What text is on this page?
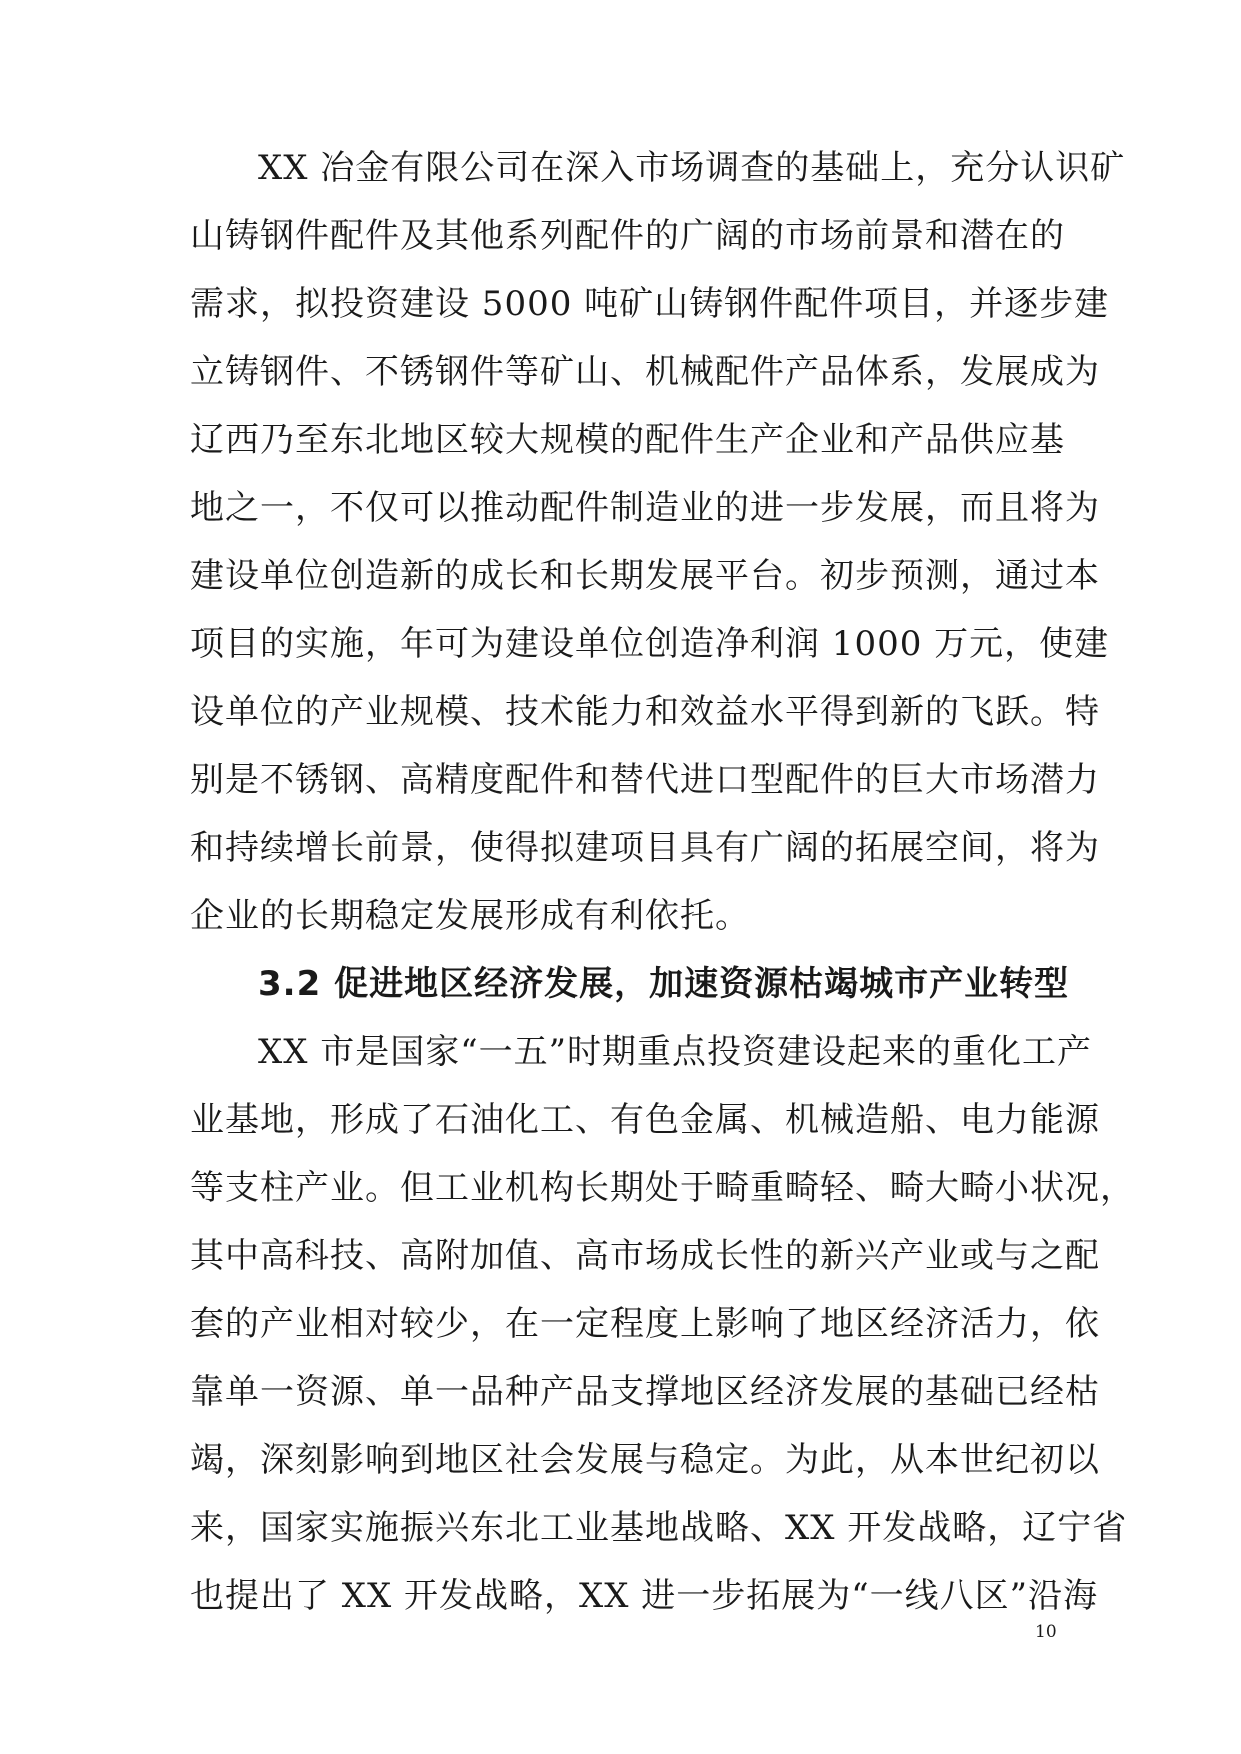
XX 冶金有限公司在深入市场调查的基础上，充分认识矿
山铸钢件配件及其他系列配件的广阔的市场前景和潜在的
需求，拟投资建设 5000 吨矿山铸钢件配件项目，并逐步建
立铸钢件、不锈钢件等矿山、机械配件产品体系，发展成为
辽西乃至东北地区较大规模的配件生产企业和产品供应基
地之一，不仅可以推动配件制造业的进一步发展，而且将为
建设单位创造新的成长和长期发展平台。初步预测，通过本
项目的实施，年可为建设单位创造净利润 1000 万元，使建
设单位的产业规模、技术能力和效益水平得到新的飞跃。特
别是不锈钢、高精度配件和替代进口型配件的巨大市场潜力
和持续增长前景，使得拟建项目具有广阔的拓展空间，将为
企业的长期稳定发展形成有利依托。
3.2 促进地区经济发展，加速资源枯竭城市产业转型
XX 市是国家“一五”时期重点投资建设起来的重化工产
业基地，形成了石油化工、有色金属、机械造船、电力能源
等支柱产业。但工业机构长期处于畸重畸轻、畸大畸小状况，
其中高科技、高附加值、高市场成长性的新兴产业或与之配
套的产业相对较少，在一定程度上影响了地区经济活力，依
靠单一资源、单一品种产品支撑地区经济发展的基础已经枯
竭，深刻影响到地区社会发展与稳定。为此，从本世纪初以
来，国家实施振兴东北工业基地战略、XX 开发战略，辽宁省
也提出了 XX 开发战略，XX 进一步拓展为“一线八区”沿海
10
